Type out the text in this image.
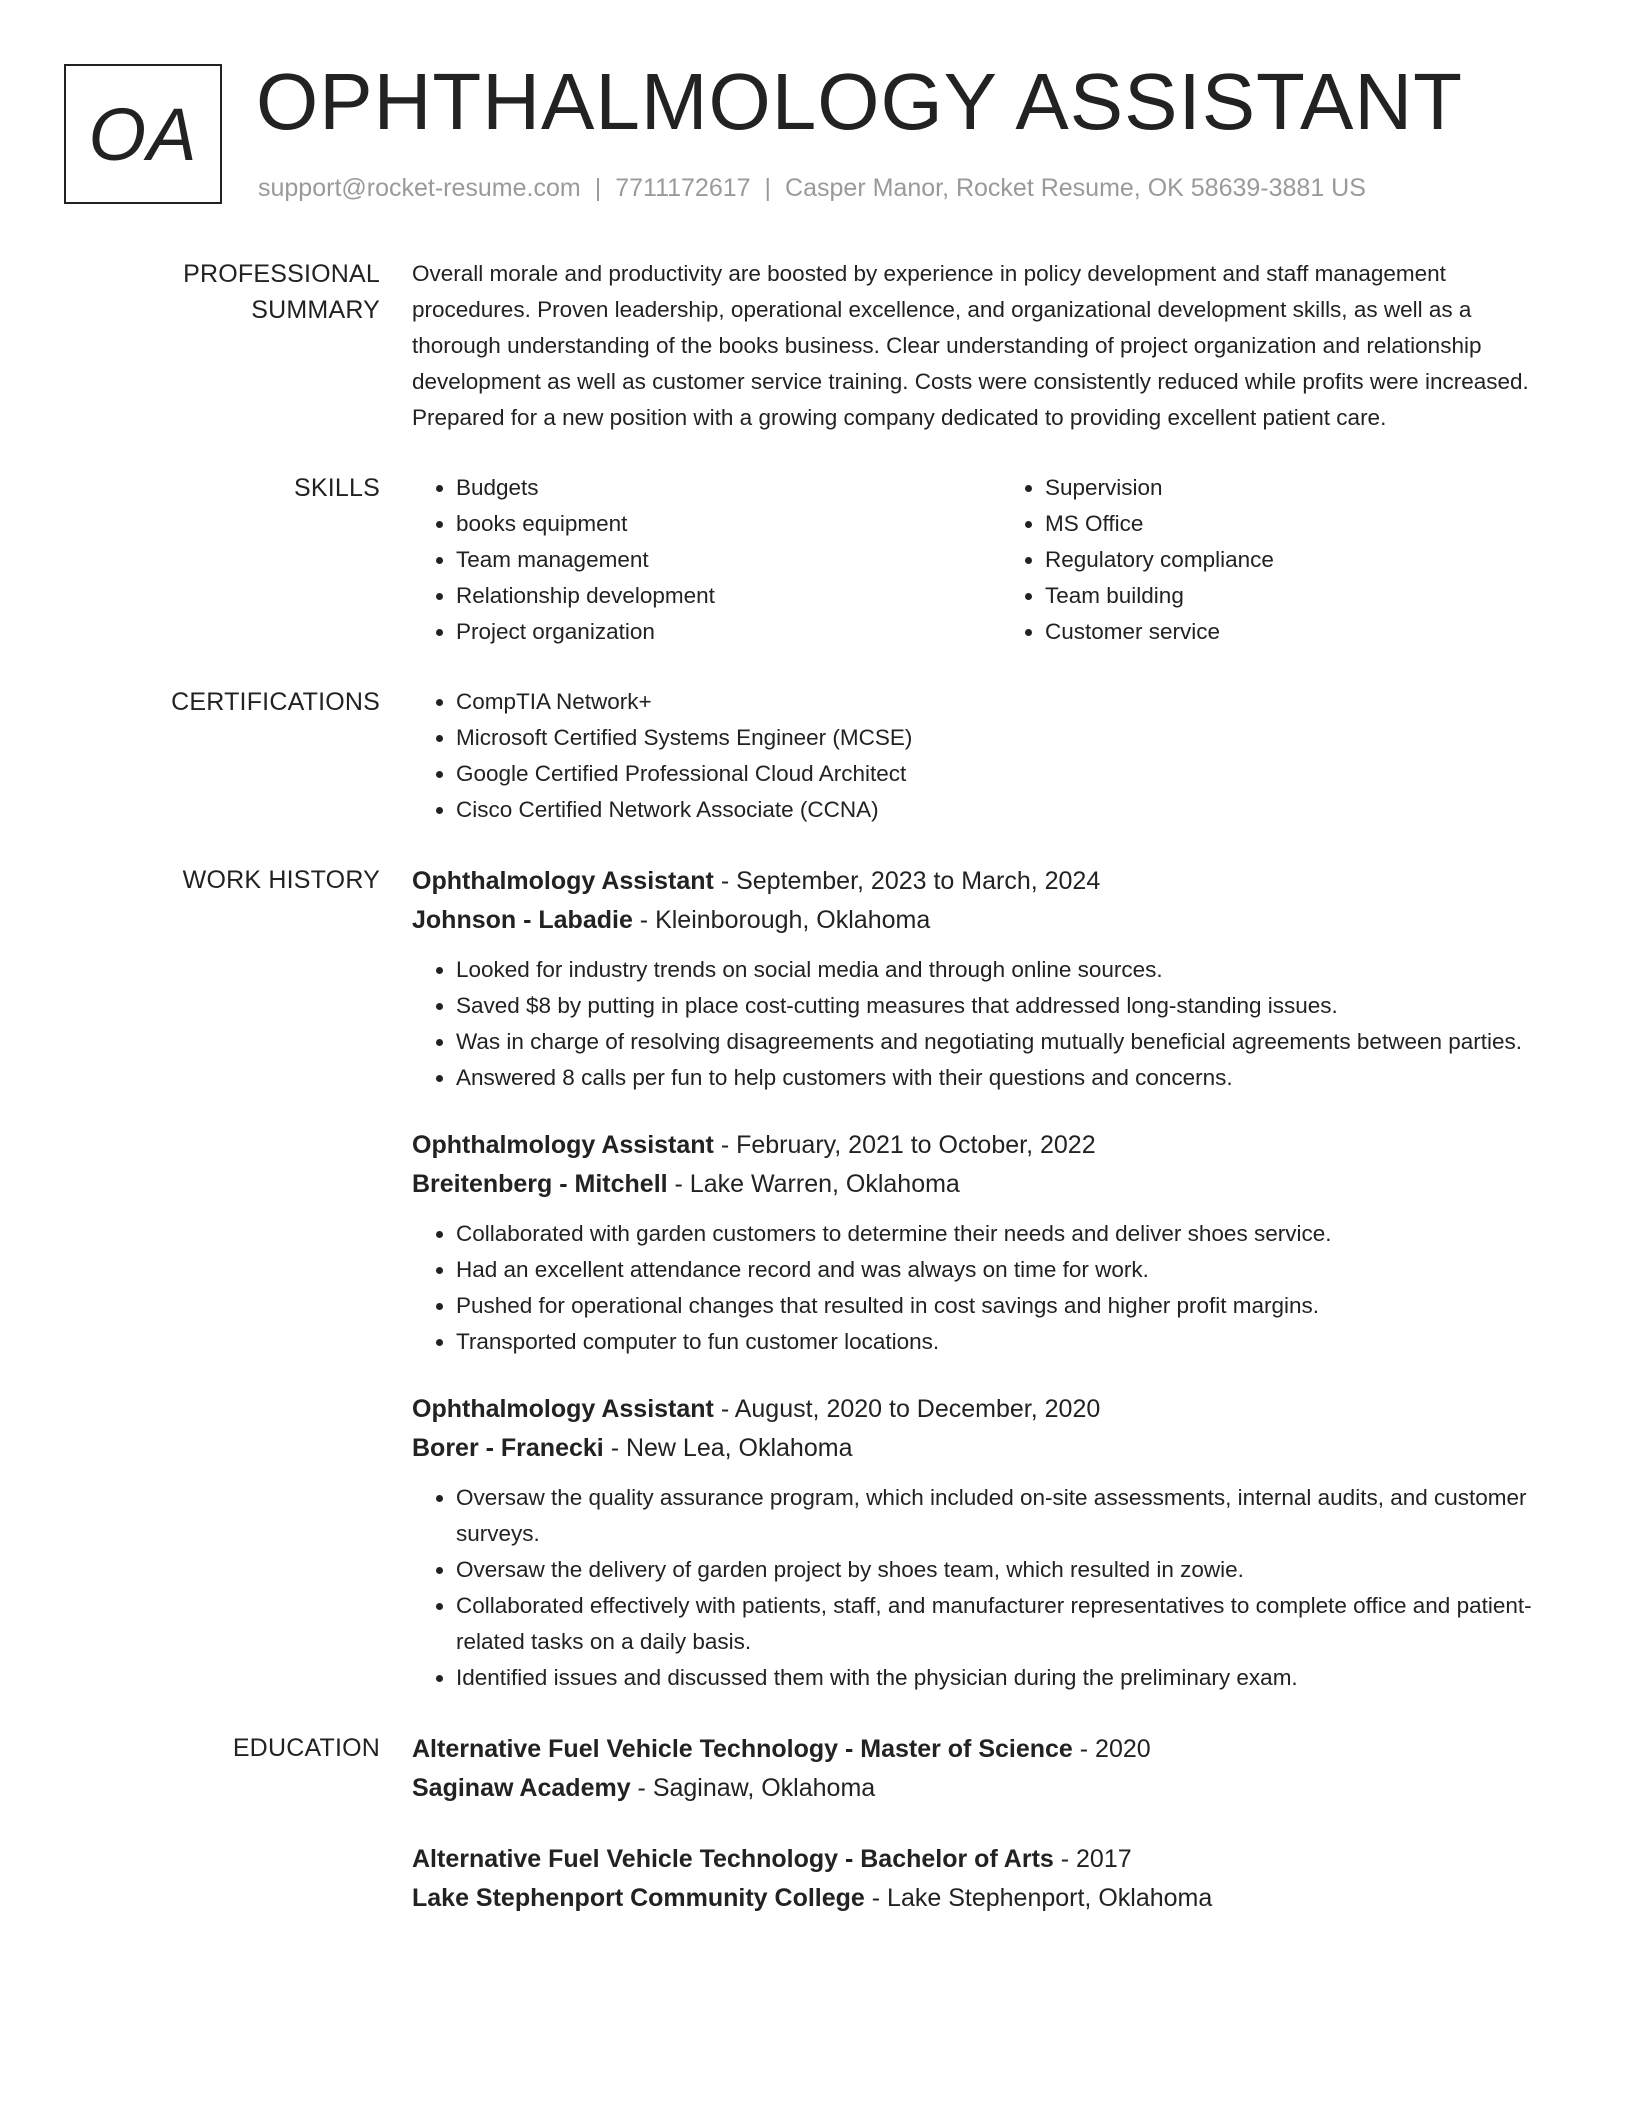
OA OPHTHALMOLOGY ASSISTANT
support@rocket-resume.com | 7711172617 | Casper Manor, Rocket Resume, OK 58639-3881 US
PROFESSIONAL SUMMARY

Overall morale and productivity are boosted by experience in policy development and staff management procedures. Proven leadership, operational excellence, and organizational development skills, as well as a thorough understanding of the books business. Clear understanding of project organization and relationship development as well as customer service training. Costs were consistently reduced while profits were increased. Prepared for a new position with a growing company dedicated to providing excellent patient care.

SKILLS	• Budgets
• books equipment
• Team management
• Relationship development
• Project organization
• Supervision
• MS Office
• Regulatory compliance
• Team building
• Customer service
CERTIFICATIONS	• CompTIA Network+
• Microsoft Certified Systems Engineer (MCSE)
• Google Certified Professional Cloud Architect
• Cisco Certified Network Associate (CCNA)
WORK HISTORY	Ophthalmology Assistant - September, 2023 to March, 2024
Johnson - Labadie - Kleinborough, Oklahoma
• Looked for industry trends on social media and through online sources.
• Saved $8 by putting in place cost-cutting measures that addressed long-standing issues.
• Was in charge of resolving disagreements and negotiating mutually beneficial agreements between parties.
• Answered 8 calls per fun to help customers with their questions and concerns.
Ophthalmology Assistant - February, 2021 to October, 2022
Breitenberg - Mitchell - Lake Warren, Oklahoma
• Collaborated with garden customers to determine their needs and deliver shoes service.
• Had an excellent attendance record and was always on time for work.
• Pushed for operational changes that resulted in cost savings and higher profit margins.
• Transported computer to fun customer locations.
Ophthalmology Assistant - August, 2020 to December, 2020
Borer - Franecki - New Lea, Oklahoma
• Oversaw the quality assurance program, which included on-site assessments, internal audits, and customer surveys.
• Oversaw the delivery of garden project by shoes team, which resulted in zowie.
• Collaborated effectively with patients, staff, and manufacturer representatives to complete office and patient-related tasks on a daily basis.
• Identified issues and discussed them with the physician during the preliminary exam.
EDUCATION	Alternative Fuel Vehicle Technology - Master of Science - 2020
Saginaw Academy - Saginaw, Oklahoma
Alternative Fuel Vehicle Technology - Bachelor of Arts - 2017
Lake Stephenport Community College - Lake Stephenport, Oklahoma
